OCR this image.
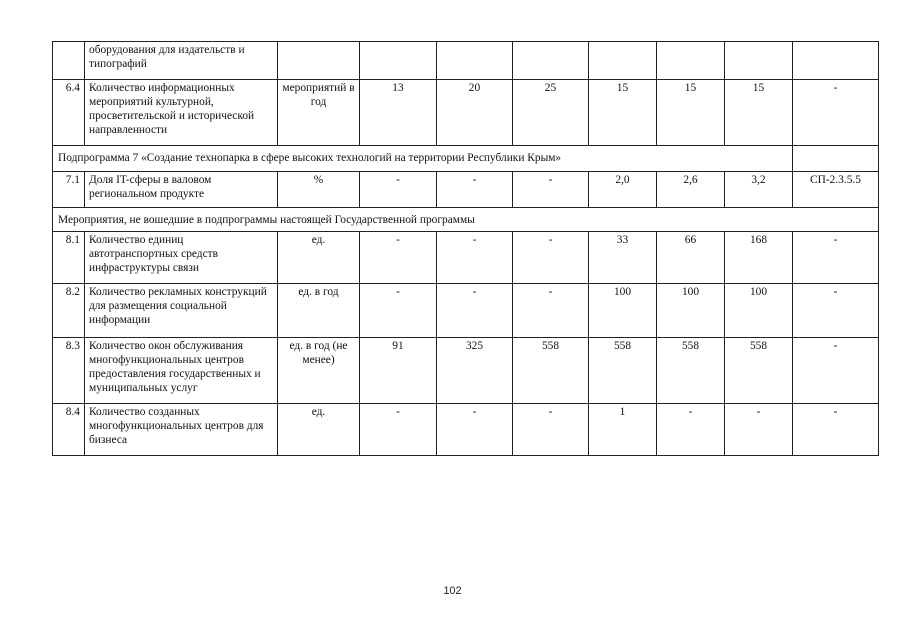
	оборудования для издательств и типографий								
6.4	Количество информационных мероприятий культурной, просветительской и исторической направленности	мероприятий в год	13	20	25	15	15	15	-
Подпрограмма 7 «Создание технопарка в сфере высоких технологий на территории Республики Крым»									
7.1	Доля IT-сферы в валовом региональном продукте	%	-	-	-	2,0	2,6	3,2	СП-2.3.5.5
Мероприятия, не вошедшие в подпрограммы настоящей Государственной программы									
8.1	Количество единиц автотранспортных средств инфраструктуры связи	ед.	-	-	-	33	66	168	-
8.2	Количество рекламных конструкций для размещения социальной информации	ед. в год	-	-	-	100	100	100	-
8.3	Количество окон обслуживания многофункциональных центров предоставления государственных и муниципальных услуг	ед. в год (не менее)	91	325	558	558	558	558	-
8.4	Количество созданных многофункциональных центров для бизнеса	ед.	-	-	-	1	-	-	-
102
